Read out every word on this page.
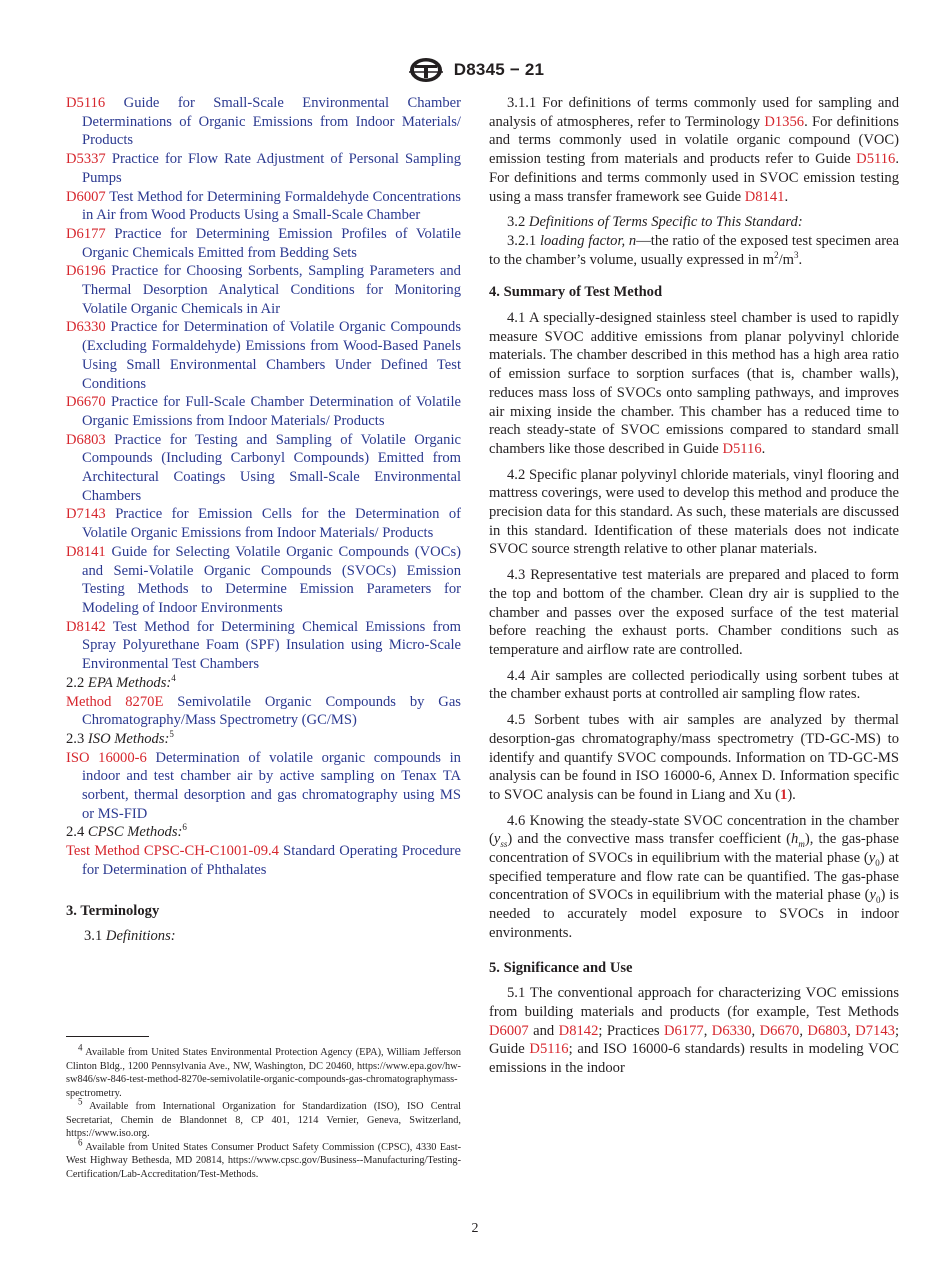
D8345 − 21

D5116 Guide for Small-Scale Environmental Chamber Determinations of Organic Emissions from Indoor Materials/ Products

D5337 Practice for Flow Rate Adjustment of Personal Sampling Pumps

D6007 Test Method for Determining Formaldehyde Concentrations in Air from Wood Products Using a Small-Scale Chamber

D6177 Practice for Determining Emission Profiles of Volatile Organic Chemicals Emitted from Bedding Sets

D6196 Practice for Choosing Sorbents, Sampling Parameters and Thermal Desorption Analytical Conditions for Monitoring Volatile Organic Chemicals in Air

D6330 Practice for Determination of Volatile Organic Compounds (Excluding Formaldehyde) Emissions from Wood-Based Panels Using Small Environmental Chambers Under Defined Test Conditions

D6670 Practice for Full-Scale Chamber Determination of Volatile Organic Emissions from Indoor Materials/ Products

D6803 Practice for Testing and Sampling of Volatile Organic Compounds (Including Carbonyl Compounds) Emitted from Architectural Coatings Using Small-Scale Environmental Chambers

D7143 Practice for Emission Cells for the Determination of Volatile Organic Emissions from Indoor Materials/ Products

D8141 Guide for Selecting Volatile Organic Compounds (VOCs) and Semi-Volatile Organic Compounds (SVOCs) Emission Testing Methods to Determine Emission Parameters for Modeling of Indoor Environments

D8142 Test Method for Determining Chemical Emissions from Spray Polyurethane Foam (SPF) Insulation using Micro-Scale Environmental Test Chambers

2.2 EPA Methods:$^4$

Method 8270E Semivolatile Organic Compounds by Gas Chromatography/Mass Spectrometry (GC/MS)

2.3 ISO Methods:$^5$

ISO 16000-6 Determination of volatile organic compounds in indoor and test chamber air by active sampling on Tenax TA sorbent, thermal desorption and gas chromatography using MS or MS-FID

2.4 CPSC Methods:$^6$

Test Method CPSC-CH-C1001-09.4 Standard Operating Procedure for Determination of Phthalates

3. Terminology

3.1 Definitions:

$^4$ Available from United States Environmental Protection Agency (EPA), William Jefferson Clinton Bldg., 1200 Pennsylvania Ave., NW, Washington, DC 20460, https://www.epa.gov/hw-sw846/sw-846-test-method-8270e-semivolatile-organic-compounds-gas-chromatographymass-spectrometry.

$^5$ Available from International Organization for Standardization (ISO), ISO Central Secretariat, Chemin de Blandonnet 8, CP 401, 1214 Vernier, Geneva, Switzerland, https://www.iso.org.

$^6$ Available from United States Consumer Product Safety Commission (CPSC), 4330 East-West Highway Bethesda, MD 20814, https://www.cpsc.gov/Business--Manufacturing/Testing-Certification/Lab-Accreditation/Test-Methods.

3.1.1 For definitions of terms commonly used for sampling and analysis of atmospheres, refer to Terminology D1356. For definitions and terms commonly used in volatile organic compound (VOC) emission testing from materials and products refer to Guide D5116. For definitions and terms commonly used in SVOC emission testing using a mass transfer framework see Guide D8141.

3.2 Definitions of Terms Specific to This Standard:

3.2.1 loading factor, n—the ratio of the exposed test specimen area to the chamber’s volume, usually expressed in $m^2/m^3$.

4. Summary of Test Method

4.1 A specially-designed stainless steel chamber is used to rapidly measure SVOC additive emissions from planar polyvinyl chloride materials. The chamber described in this method has a high area ratio of emission surface to sorption surfaces (that is, chamber walls), reduces mass loss of SVOCs onto sampling pathways, and improves air mixing inside the chamber. This chamber has a reduced time to reach steady-state of SVOC emissions compared to standard small chambers like those described in Guide D5116.

4.2 Specific planar polyvinyl chloride materials, vinyl flooring and mattress coverings, were used to develop this method and produce the precision data for this standard. As such, these materials are discussed in this standard. Identification of these materials does not indicate SVOC source strength relative to other planar materials.

4.3 Representative test materials are prepared and placed to form the top and bottom of the chamber. Clean dry air is supplied to the chamber and passes over the exposed surface of the test material before reaching the exhaust ports. Chamber conditions such as temperature and airflow rate are controlled.

4.4 Air samples are collected periodically using sorbent tubes at the chamber exhaust ports at controlled air sampling flow rates.

4.5 Sorbent tubes with air samples are analyzed by thermal desorption-gas chromatography/mass spectrometry (TD-GC-MS) to identify and quantify SVOC compounds. Information on TD-GC-MS analysis can be found in ISO 16000-6, Annex D. Information specific to SVOC analysis can be found in Liang and Xu (1).

4.6 Knowing the steady-state SVOC concentration in the chamber $(y_{ss})$ and the convective mass transfer coefficient $(h_m)$, the gas-phase concentration of SVOCs in equilibrium with the material phase $(y_0)$ at specified temperature and flow rate can be quantified. The gas-phase concentration of SVOCs in equilibrium with the material phase $(y_0)$ is needed to accurately model exposure to SVOCs in indoor environments.

5. Significance and Use

5.1 The conventional approach for characterizing VOC emissions from building materials and products (for example, Test Methods D6007 and D8142; Practices D6177, D6330, D6670, D6803, D7143; Guide D5116; and ISO 16000-6 standards) results in modeling VOC emissions in the indoor

2
